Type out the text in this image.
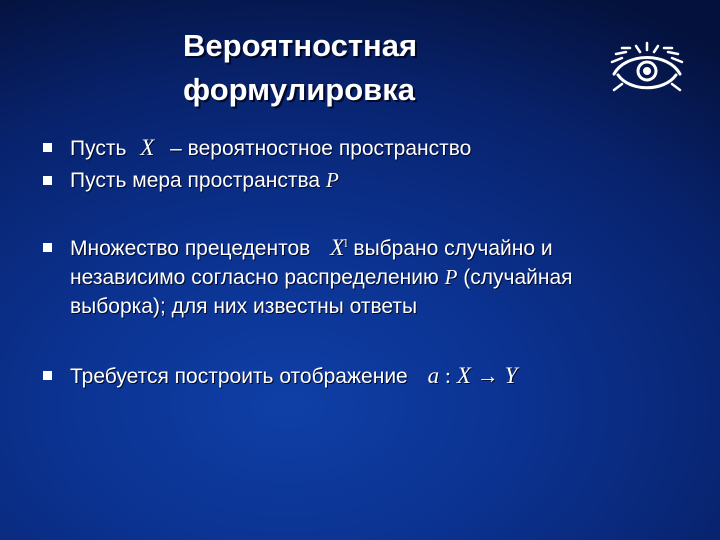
Вероятностная
формулировка
Пусть X – вероятностное пространство
Пусть мера пространства P
Множество прецедентов $X^l$ выбрано случайно и
независимо согласно распределению P (случайная
выборка); для них известны ответы
Требуется построить отображение a : X → Y
